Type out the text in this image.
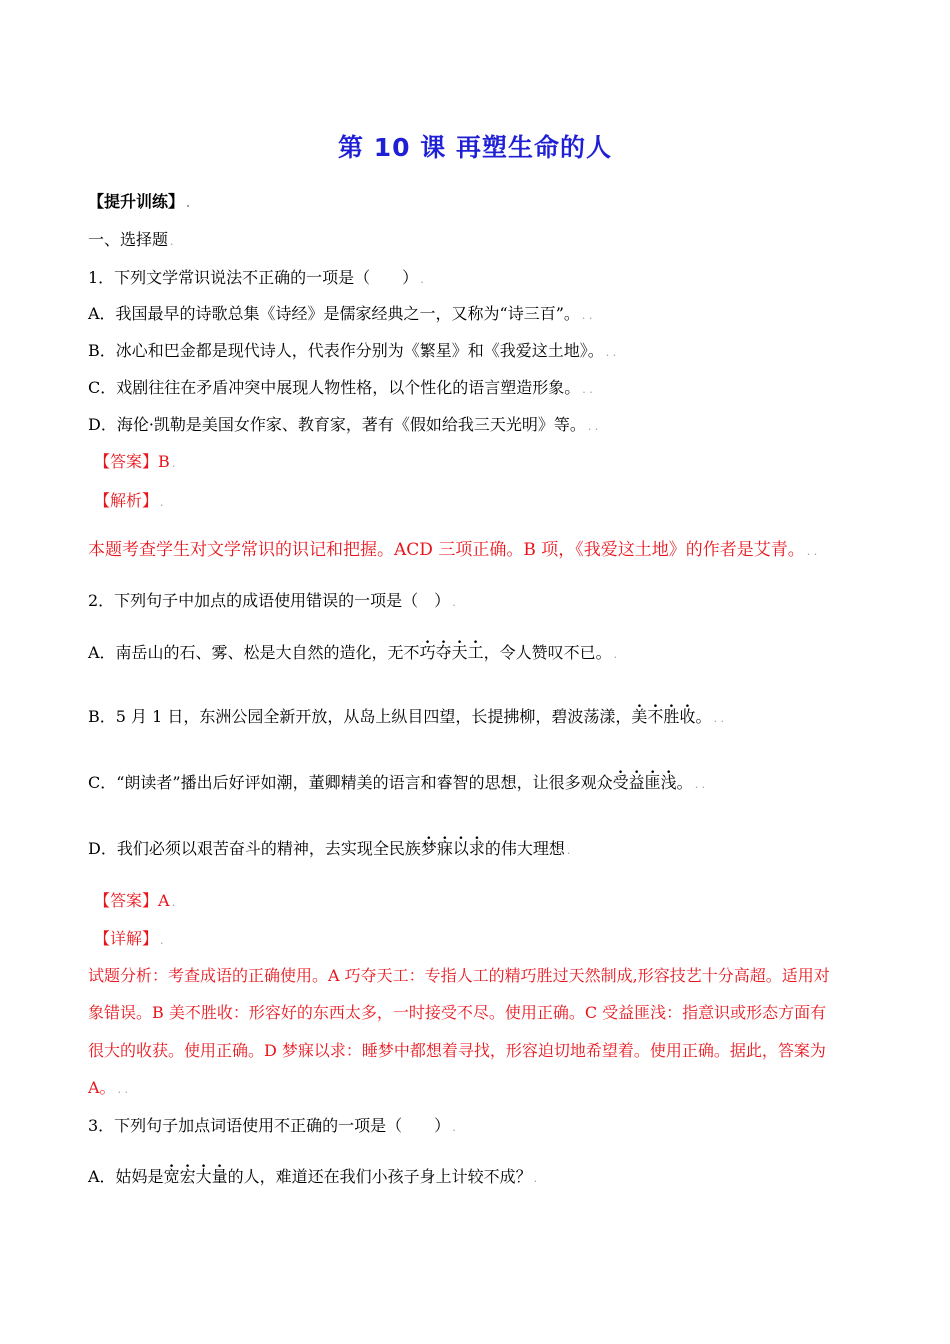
第 10 课 再塑生命的人
【提升训练】 .
一、选择题 .
1．下列文学常识说法不正确的一项是（　　） .
A．我国最早的诗歌总集《诗经》是儒家经典之一，又称为“诗三百”。 . .
B．冰心和巴金都是现代诗人，代表作分别为《繁星》和《我爱这土地》。 . .
C．戏剧往往在矛盾冲突中展现人物性格，以个性化的语言塑造形象。 . .
D．海伦·凯勒是美国女作家、教育家，著有《假如给我三天光明》等。 . .
【答案】B .
【解析】 .
本题考查学生对文学常识的识记和把握。ACD 三项正确。B 项，《我爱这土地》的作者是艾青。 . .
2．下列句子中加点的成语使用错误的一项是（　） .
A．南岳山的石、雾、松是大自然的造化，无不巧夺天工，令人赞叹不已。 .
B．5 月 1 日，东洲公园全新开放，从岛上纵目四望，长提拂柳，碧波荡漾，美不胜收。 . .
C．“朗读者”播出后好评如潮，董卿精美的语言和睿智的思想，让很多观众受益匪浅。 . .
D．我们必须以艰苦奋斗的精神，去实现全民族梦寐以求的伟大理想 .
【答案】A .
【详解】 .
试题分析：考查成语的正确使用。A 巧夺天工：专指人工的精巧胜过天然制成,形容技艺十分高超。适用对
象错误。B 美不胜收：形容好的东西太多，一时接受不尽。使用正确。C 受益匪浅：指意识或形态方面有
很大的收获。使用正确。D 梦寐以求：睡梦中都想着寻找，形容迫切地希望着。使用正确。据此，答案为
A。 . .
3．下列句子加点词语使用不正确的一项是（　　） .
A．姑妈是宽宏大量的人，难道还在我们小孩子身上计较不成？ .
